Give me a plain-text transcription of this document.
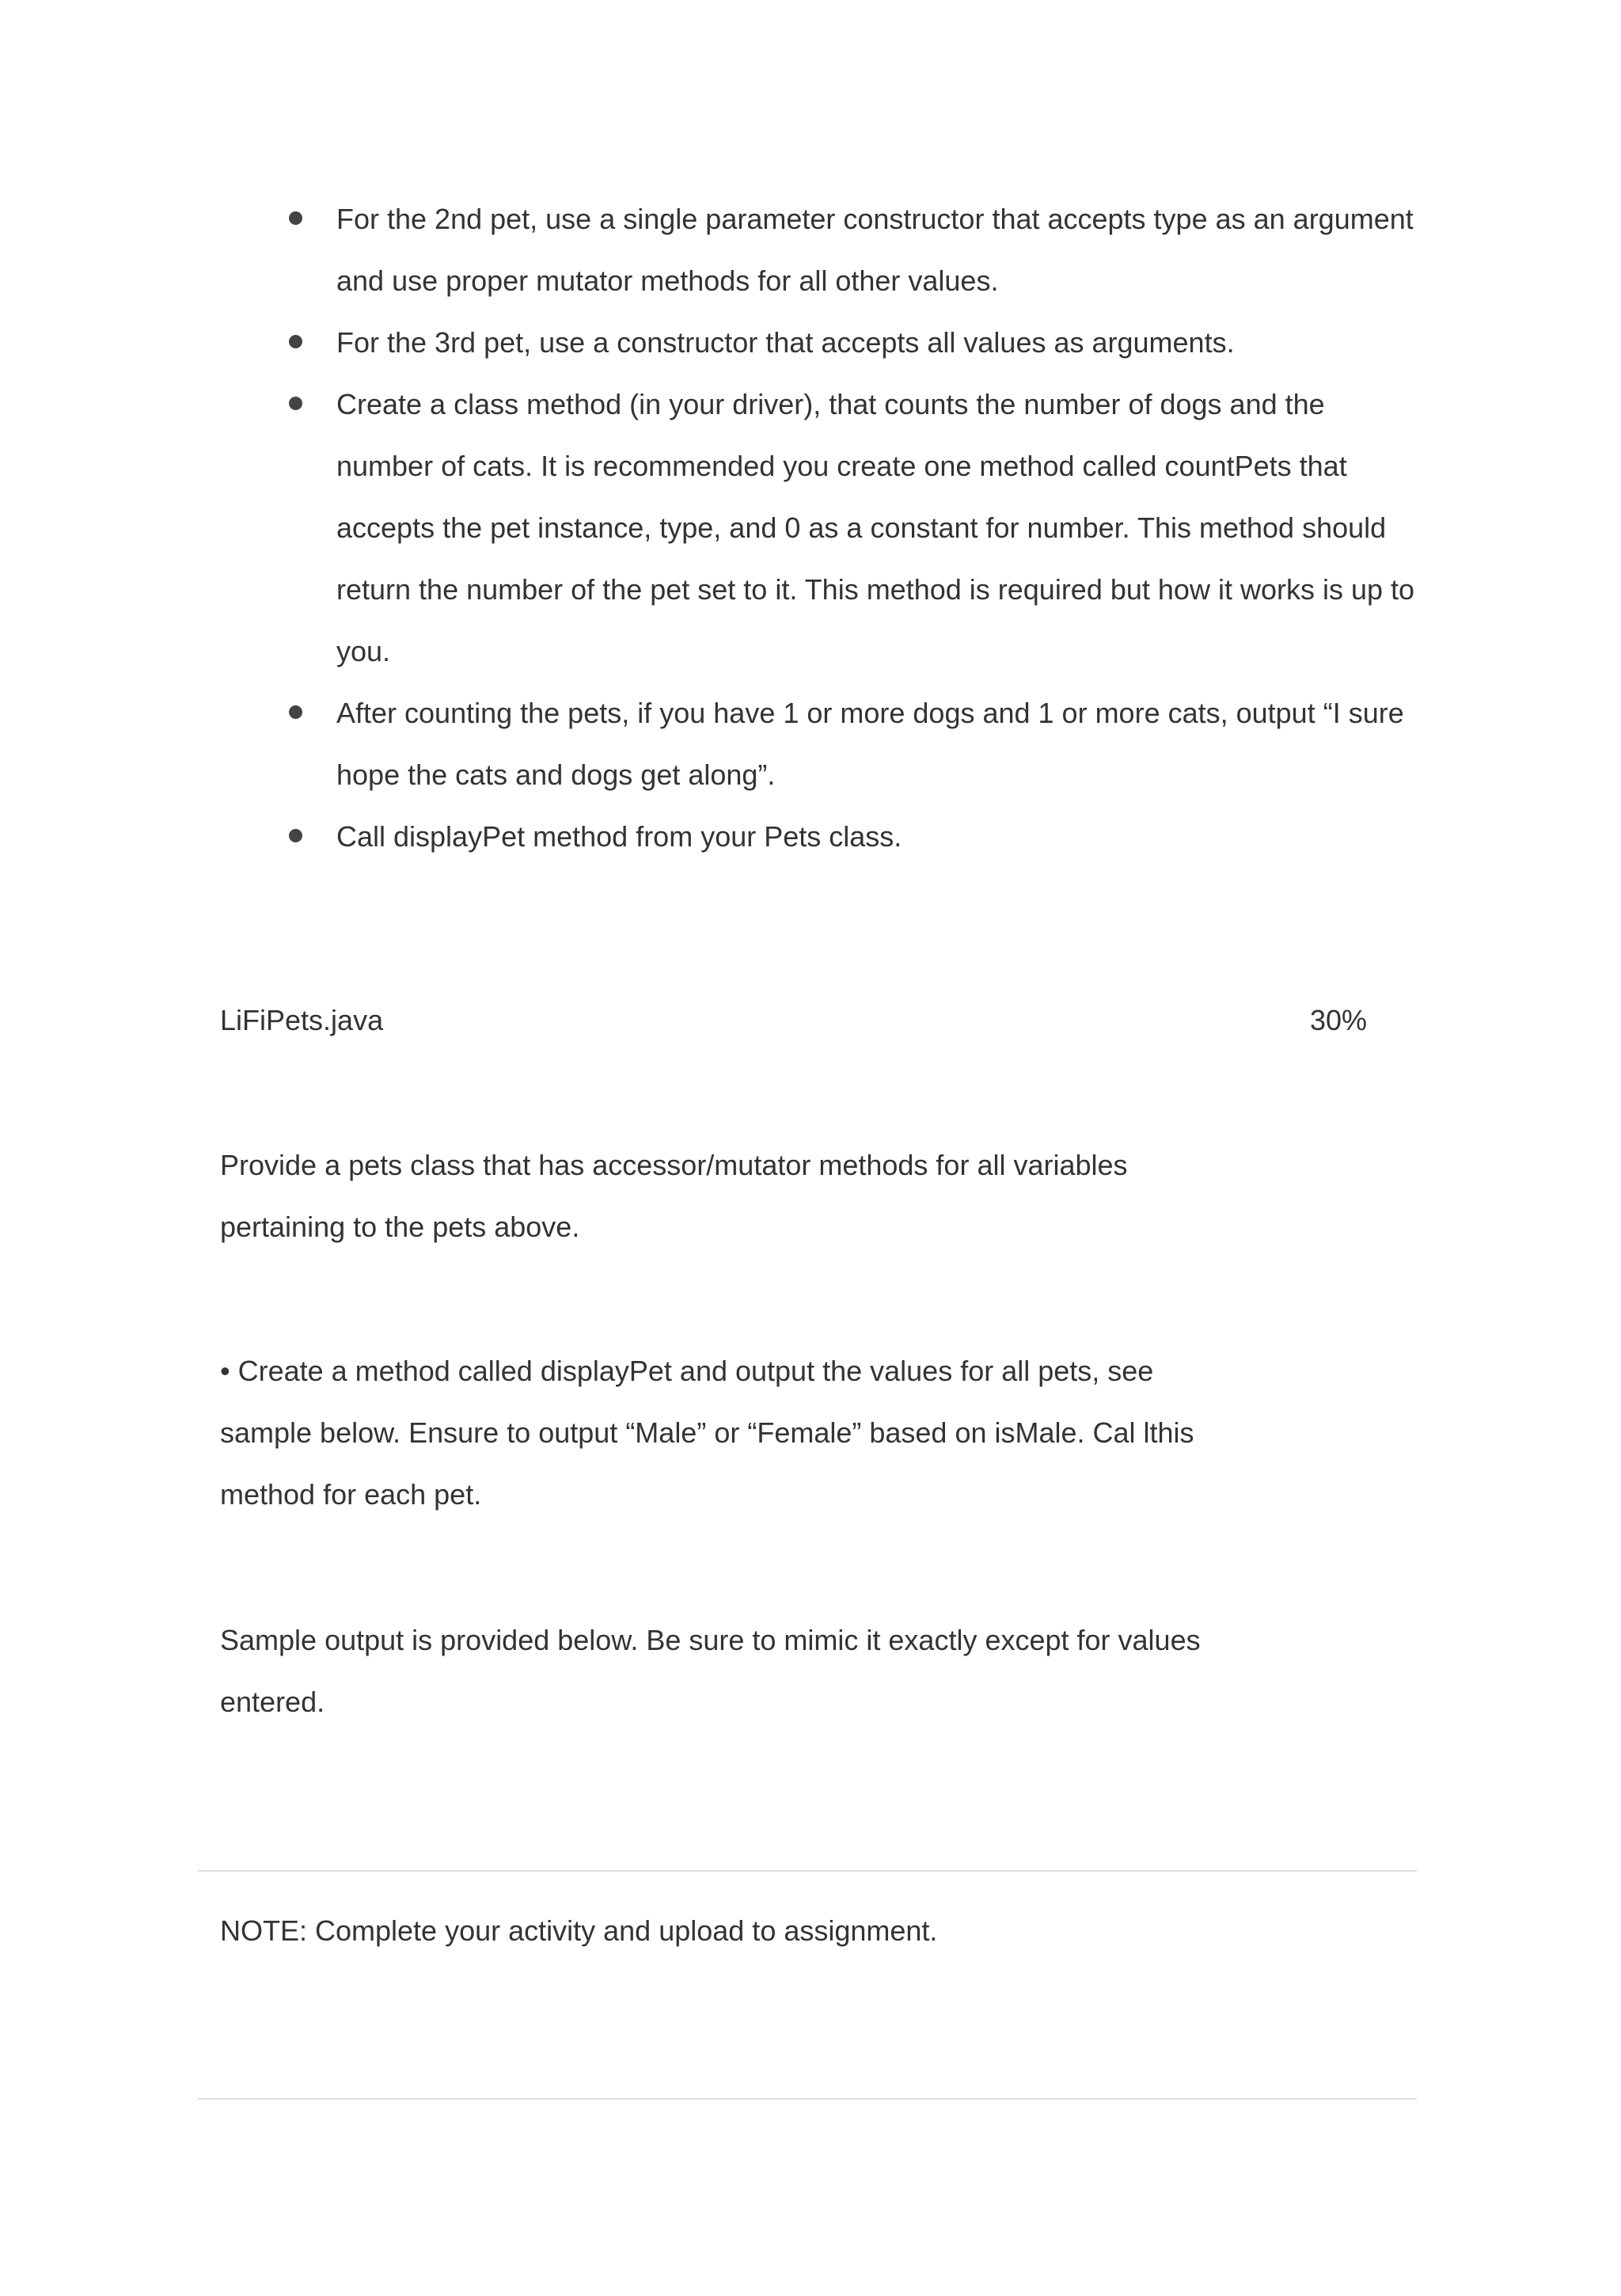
For the 2nd pet, use a single parameter constructor that accepts type as an argument and use proper mutator methods for all other values.
For the 3rd pet, use a constructor that accepts all values as arguments.
Create a class method (in your driver), that counts the number of dogs and the number of cats. It is recommended you create one method called countPets that accepts the pet instance, type, and 0 as a constant for number. This method should return the number of the pet set to it. This method is required but how it works is up to you.
After counting the pets, if you have 1 or more dogs and 1 or more cats, output “I sure hope the cats and dogs get along”.
Call displayPet method from your Pets class.
LiFiPets.java	30%

Provide a pets class that has accessor/mutator methods for all variables pertaining to the pets above.

• Create a method called displayPet and output the values for all pets, see sample below. Ensure to output “Male” or “Female” based on isMale. Cal lthis method for each pet.

Sample output is provided below. Be sure to mimic it exactly except for values entered.

NOTE: Complete your activity and upload to assignment.
